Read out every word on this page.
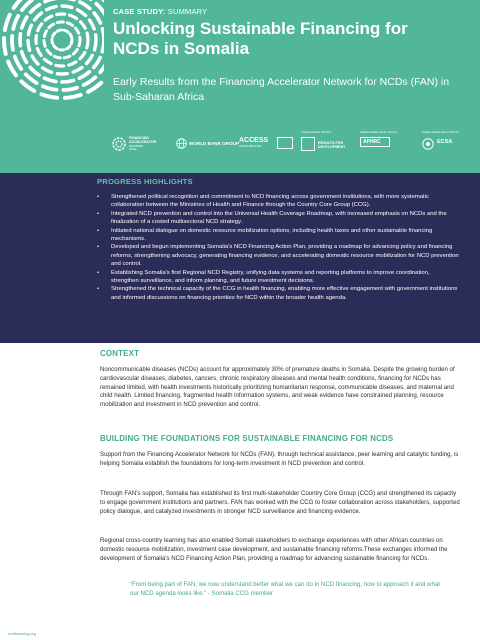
CASE STUDY: SUMMARY
Unlocking Sustainable Financing for NCDs in Somalia
Early Results from the Financing Accelerator Network for NCDs (FAN) in Sub-Saharan Africa
FINANCING
ACCELERATOR
NETWORK
NCDs
WORLD BANK GROUP ACCESS
ACCELERATOR
Implementation Partners
RESULTS FOR
DEVELOPMENT
Subject-Matter Expert Partner
APHRC
Subject-Matter Expert Partner
ECSA
PROGRESS HIGHLIGHTS
• Strengthened political recognition and commitment to NCD financing across government institutions, with more systematic collaboration between the Ministries of Health and Finance through the Country Core Group (CCG).
• Integrated NCD prevention and control into the Universal Health Coverage Roadmap, with increased emphasis on NCDs and the finalization of a costed multisectoral NCD strategy.
• Initiated national dialogue on domestic resource mobilization options, including health taxes and other sustainable financing mechanisms.
• Developed and begun implementing Somalia's NCD Financing Action Plan, providing a roadmap for advancing policy and financing reforms, strengthening advocacy, generating financing evidence, and accelerating domestic resource mobilization for NCD prevention and control.
• Establishing Somalia's first Regional NCD Registry, unifying data systems and reporting platforms to improve coordination, strengthen surveillance, and inform planning, and future investment decisions.
• Strengthened the technical capacity of the CCG in health financing, enabling more effective engagement with government institutions and informed discussions on financing priorities for NCD within the broader health agenda.
CONTEXT
Noncommunicable diseases (NCDs) account for approximately 30% of premature deaths in Somalia. Despite the growing burden of cardiovascular diseases, diabetes, cancers, chronic respiratory diseases and mental health conditions, financing for NCDs has remained limited, with health investments historically prioritizing humanitarian response, communicable diseases, and maternal and child health. Limited financing, fragmented health information systems, and weak evidence have constrained planning, resource mobilization and investment in NCD prevention and control.
BUILDING THE FOUNDATIONS FOR SUSTAINABLE FINANCING FOR NCDS
Support from the Financing Accelerator Network for NCDs (FAN), through technical assistance, peer learning and catalytic funding, is helping Somalia establish the foundations for long-term investment in NCD prevention and control.
Through FAN's support, Somalia has established its first multi-stakeholder Country Core Group (CCG) and strengthened its capacity to engage government institutions and partners. FAN has worked with the CCG to foster collaboration across stakeholders, supported policy dialogue, and catalyzed investments in stronger NCD surveillance and financing evidence.
Regional cross-country learning has also enabled Somali stakeholders to exchange experiences with other African countries on domestic resource mobilization, investment case development, and sustainable financing reforms.These exchanges informed the development of Somalia's NCD Financing Action Plan, providing a roadmap for advancing sustainable financing for NCDs.
“From being part of FAN, we now understand better what we can do in NCD financing, how to approach it and what our NCD agenda looks like.” - Somalia CCG member
ncdfinancing.org
